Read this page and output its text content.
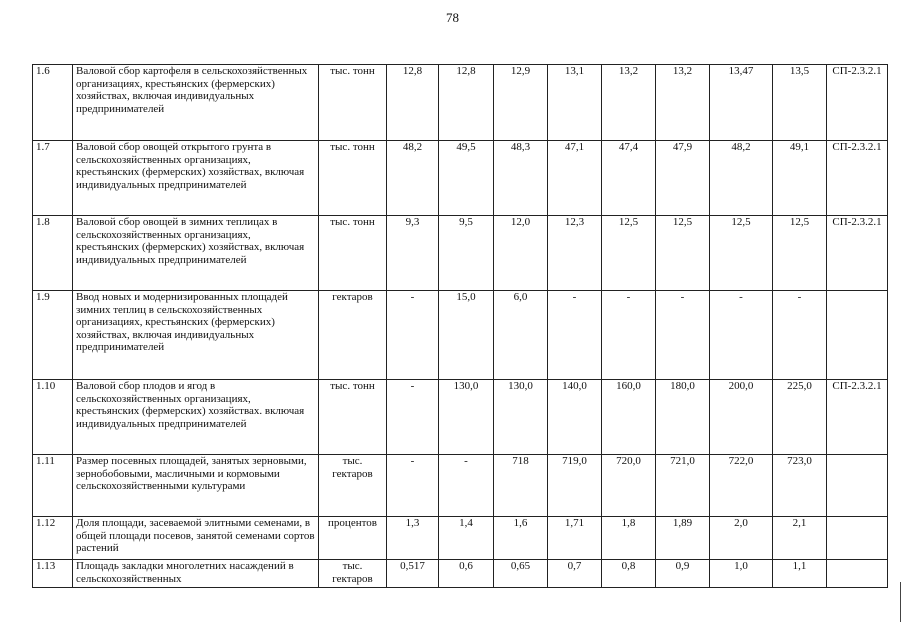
78
1.6	Валовой сбор картофеля в сельскохозяйственных организациях, крестьянских (фермерских) хозяйствах, включая индивидуальных предпринимателей	тыс. тонн	12,8	12,8	12,9	13,1	13,2	13,2	13,47	13,5	СП-2.3.2.1
1.7	Валовой сбор овощей открытого грунта в сельскохозяйственных организациях, крестьянских (фермерских) хозяйствах, включая индивидуальных предпринимателей	тыс. тонн	48,2	49,5	48,3	47,1	47,4	47,9	48,2	49,1	СП-2.3.2.1
1.8	Валовой сбор овощей в зимних теплицах в сельскохозяйственных организациях, крестьянских (фермерских) хозяйствах, включая индивидуальных предпринимателей	тыс. тонн	9,3	9,5	12,0	12,3	12,5	12,5	12,5	12,5	СП-2.3.2.1
1.9	Ввод новых и модернизированных площадей зимних теплиц в сельскохозяйственных организациях, крестьянских (фермерских) хозяйствах, включая индивидуальных предпринимателей	гектаров	-	15,0	6,0	-	-	-	-	-	
1.10	Валовой сбор плодов и ягод в сельскохозяйственных организациях, крестьянских (фермерских) хозяйствах. включая индивидуальных предпринимателей	тыс. тонн	-	130,0	130,0	140,0	160,0	180,0	200,0	225,0	СП-2.3.2.1
1.11	Размер посевных площадей, занятых зерновыми, зернобобовыми, масличными и кормовыми сельскохозяйственными культурами	тыс. гектаров	-	-	718	719,0	720,0	721,0	722,0	723,0	
1.12	Доля площади, засеваемой элитными семенами, в общей площади посевов, занятой семенами сортов растений	процентов	1,3	1,4	1,6	1,71	1,8	1,89	2,0	2,1	
1.13	Площадь закладки многолетних насаждений в сельскохозяйственных	тыс. гектаров	0,517	0,6	0,65	0,7	0,8	0,9	1,0	1,1	
